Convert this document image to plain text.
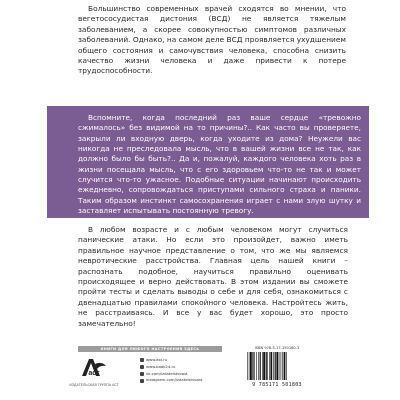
Большинство современных врачей сходятся во мнении, что вегетососудистая дистония (ВСД) не является тяжелым заболеванием, а скорее совокупностью симптомов различных заболеваний. Однако, на самом деле ВСД проявляется ухудшением общего состояния и самочувствия человека, способна снизить качество жизни человека и даже привести к потере трудоспособности.

Вспомните, когда последний раз ваше сердце «тревожно сжималось» без видимой на то причины?.. Как часто вы проверяете, закрыли ли входную дверь, когда уходите из дома? Неужели вас никогда не преследовала мысль, что в вашей жизни все не так, как должно было бы быть?.. Да и, пожалуй, каждого человека хоть раз в жизни посещала мысль, что с его здоровьем что-то не так и может случится что-то ужасное. Подобные ситуации начинают происходить ежедневно, сопровождаться приступами сильного страха и паники. Таким образом инстинкт самосохранения играет с нами злую шутку и заставляет испытывать постоянную тревогу.

В любом возрасте и с любым человеком могут случиться панические атаки. Но если это произойдет, важно иметь правильное научное представление о том, что же мы являемся невротические расстройства. Главная цель нашей книги – распознать подобное, научиться правильно оценивать происходящее и верно действовать. В этом издании вы сможете пройти тесты и сделать выводы о себе и для себя, ознакомиться с двенадцатью правилами спокойного человека. Настройтесь жить, не расстраиваясь. И все у вас будет хорошо, это просто замечательно!
КНИГИ ДЛЯ ЛЮБОГО НАСТРОЕНИЯ ЗДЕСЬ
аст
ИЗДАТЕЛЬСКАЯ ГРУППА АСТ
www.ast.ru
www.book24.ru
vk.com/izdatelstvoast
instagram.com/izdatelstvoast
ISBN 978-5-17-150180-3
9 785171 501803
